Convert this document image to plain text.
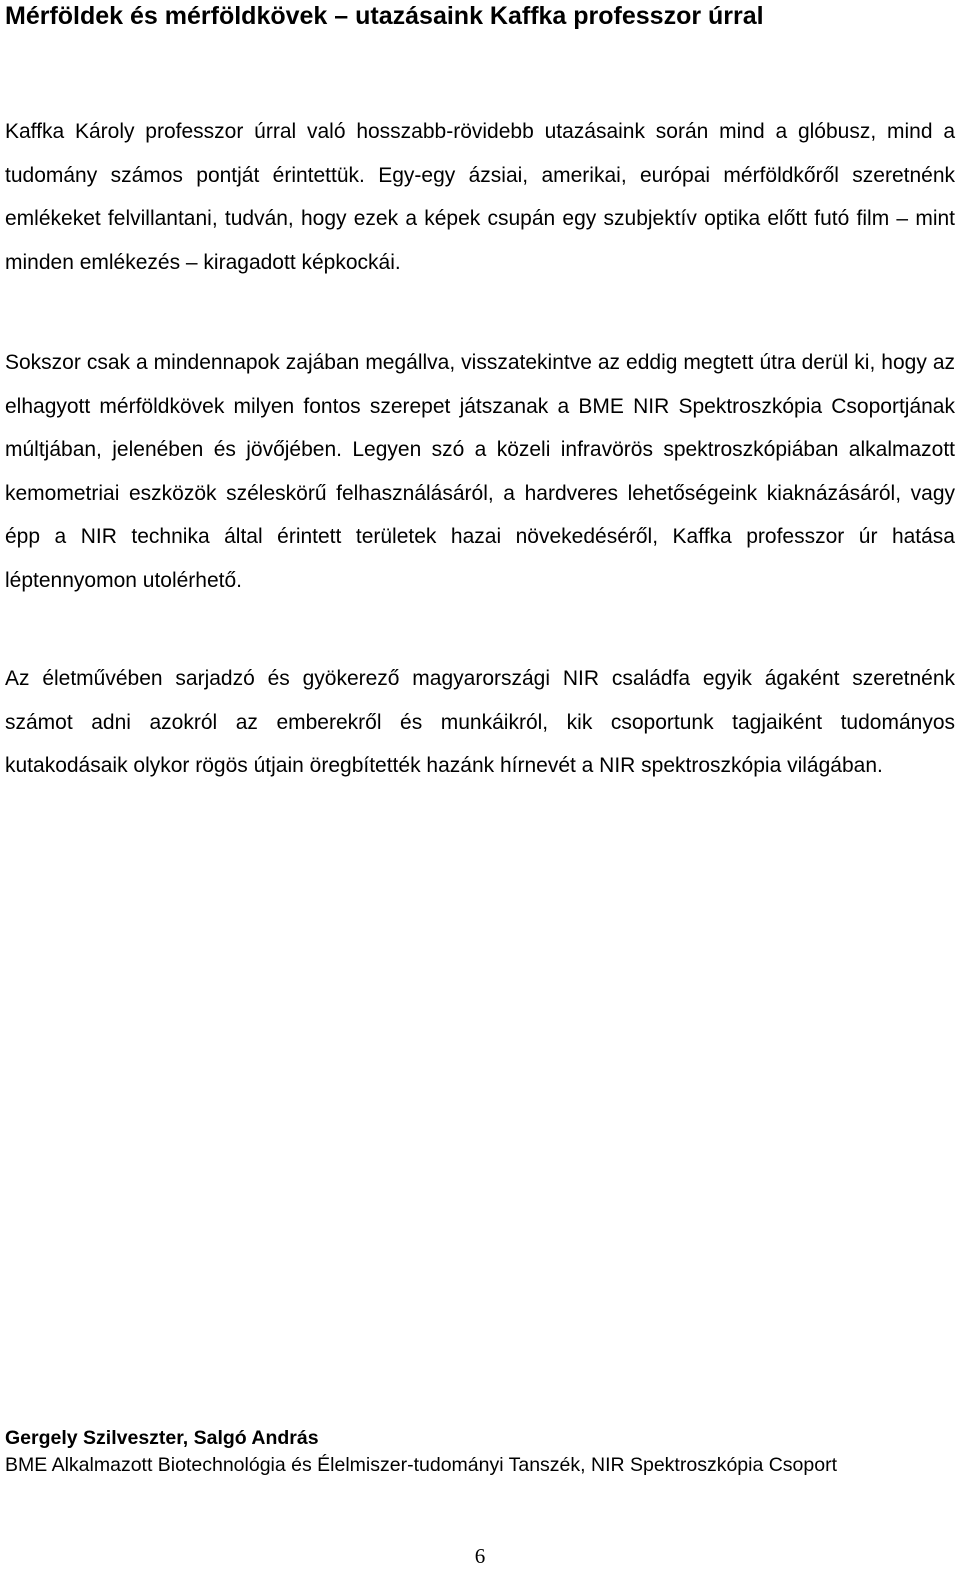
Mérföldek és mérföldkövek – utazásaink Kaffka professzor úrral

Kaffka Károly professzor úrral való hosszabb-rövidebb utazásaink során mind a glóbusz, mind a tudomány számos pontját érintettük. Egy-egy ázsiai, amerikai, európai mérföldkőről szeretnénk emlékeket felvillantani, tudván, hogy ezek a képek csupán egy szubjektív optika előtt futó film – mint minden emlékezés – kiragadott képkockái.

Sokszor csak a mindennapok zajában megállva, visszatekintve az eddig megtett útra derül ki, hogy az elhagyott mérföldkövek milyen fontos szerepet játszanak a BME NIR Spektroszkópia Csoportjának múltjában, jelenében és jövőjében. Legyen szó a közeli infravörös spektroszkópiában alkalmazott kemometriai eszközök széleskörű felhasználásáról, a hardveres lehetőségeink kiaknázásáról, vagy épp a NIR technika által érintett területek hazai növekedéséről, Kaffka professzor úr hatása léptennyomon utolérhető.

Az életművében sarjadzó és gyökerező magyarországi NIR családfa egyik ágaként szeretnénk számot adni azokról az emberekről és munkáikról, kik csoportunk tagjaiként tudományos kutakodásaik olykor rögös útjain öregbítették hazánk hírnevét a NIR spektroszkópia világában.

Gergely Szilveszter, Salgó András

BME Alkalmazott Biotechnológia és Élelmiszer-tudományi Tanszék, NIR Spektroszkópia Csoport

6
